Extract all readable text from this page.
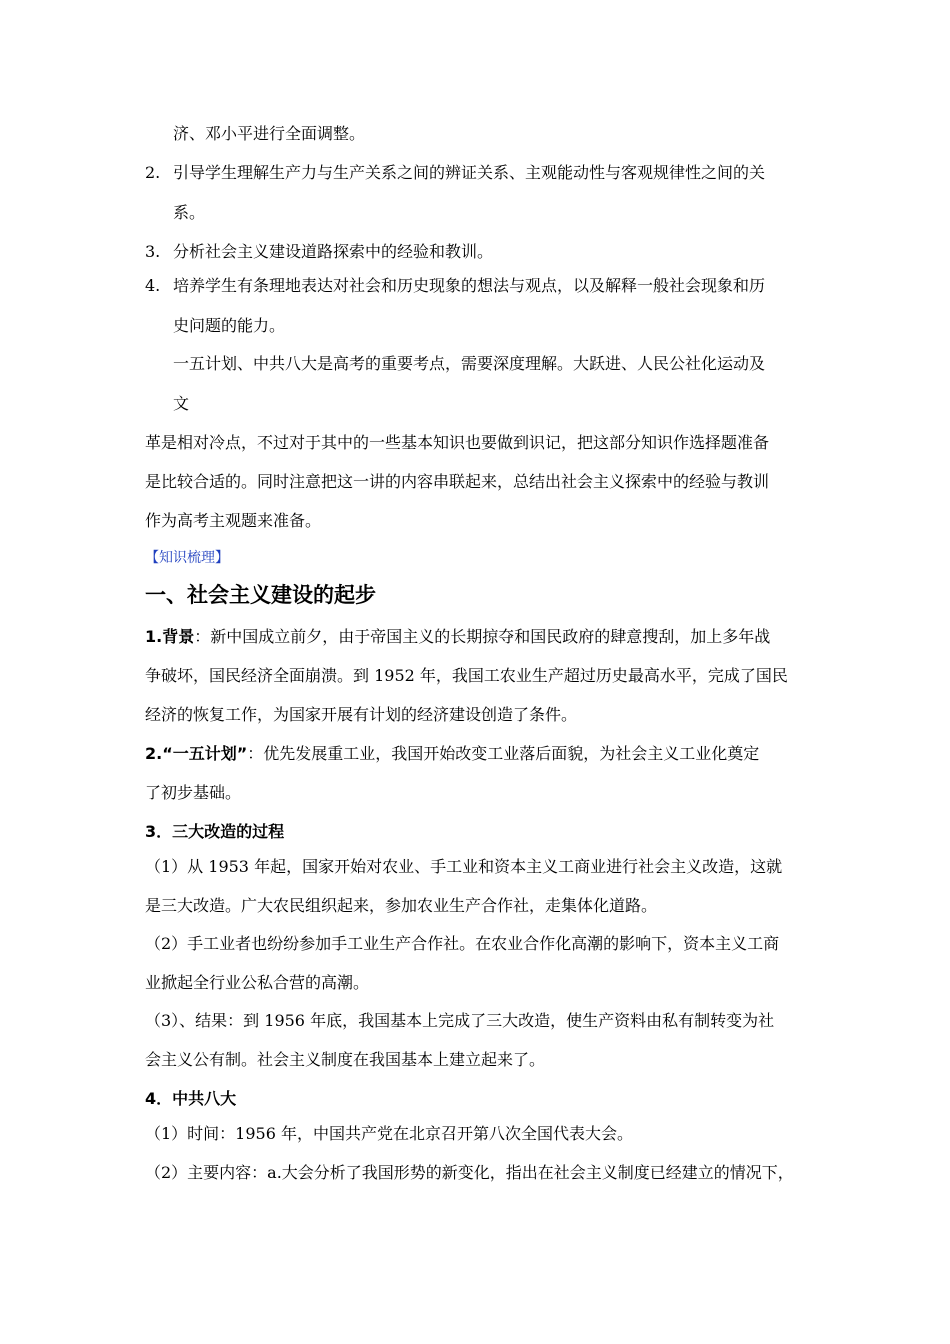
济、邓小平进行全面调整。
2. 引导学生理解生产力与生产关系之间的辨证关系、主观能动性与客观规律性之间的关
系。
3. 分析社会主义建设道路探索中的经验和教训。
4. 培养学生有条理地表达对社会和历史现象的想法与观点，以及解释一般社会现象和历
史问题的能力。
一五计划、中共八大是高考的重要考点，需要深度理解。大跃进、人民公社化运动及
文
革是相对冷点，不过对于其中的一些基本知识也要做到识记，把这部分知识作选择题准备
是比较合适的。同时注意把这一讲的内容串联起来，总结出社会主义探索中的经验与教训
作为高考主观题来准备。
【知识梳理】
一、社会主义建设的起步
1.背景：新中国成立前夕，由于帝国主义的长期掠夺和国民政府的肆意搜刮，加上多年战
争破坏，国民经济全面崩溃。到 1952 年，我国工农业生产超过历史最高水平，完成了国民
经济的恢复工作，为国家开展有计划的经济建设创造了条件。
2.“一五计划”：优先发展重工业，我国开始改变工业落后面貌，为社会主义工业化奠定
了初步基础。
3．三大改造的过程
（1）从 1953 年起，国家开始对农业、手工业和资本主义工商业进行社会主义改造，这就
是三大改造。广大农民组织起来，参加农业生产合作社，走集体化道路。
（2）手工业者也纷纷参加手工业生产合作社。在农业合作化高潮的影响下，资本主义工商
业掀起全行业公私合营的高潮。
（3）、结果：到 1956 年底，我国基本上完成了三大改造，使生产资料由私有制转变为社
会主义公有制。社会主义制度在我国基本上建立起来了。
4．中共八大
（1）时间：1956 年，中国共产党在北京召开第八次全国代表大会。
（2）主要内容：a.大会分析了我国形势的新变化，指出在社会主义制度已经建立的情况下，
